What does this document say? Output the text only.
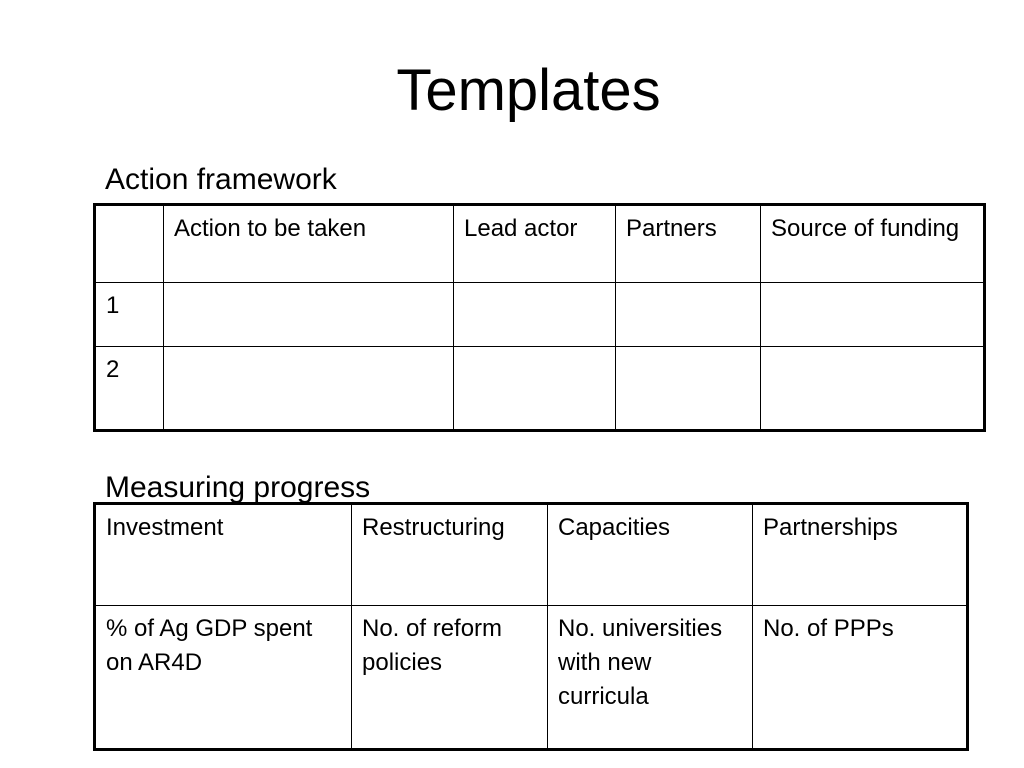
Templates
Action framework
	Action to be taken	Lead actor	Partners	Source of funding
1				
2				
Measuring progress
Investment	Restructuring	Capacities	Partnerships
% of Ag GDP spent on AR4D	No. of reform policies	No. universities with new curricula	No. of PPPs
